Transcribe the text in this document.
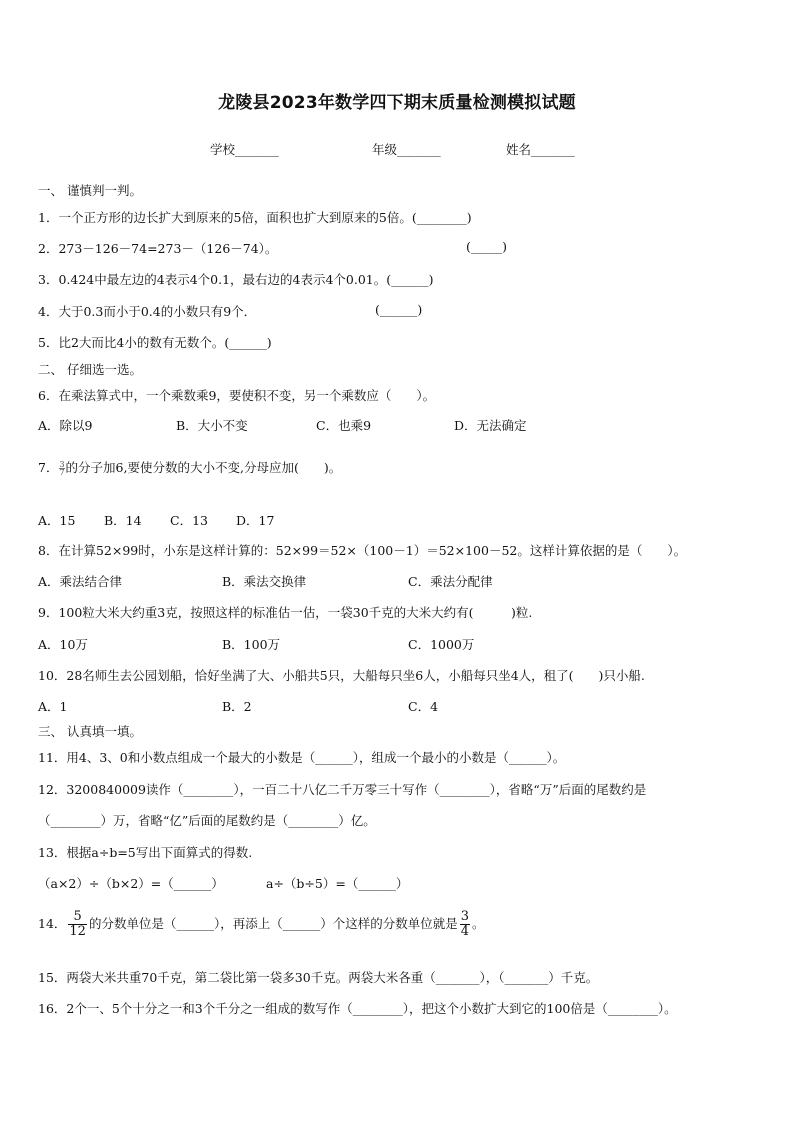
龙陵县2023年数学四下期末质量检测模拟试题
学校_______	年级_______	姓名_______
一、 谨慎判一判。
1．一个正方形的边长扩大到原来的5倍，面积也扩大到原来的5倍。(________)
2．273－126－74=273－（126－74）。	(_____)
3．0.424中最左边的4表示4个0.1，最右边的4表示4个0.01。(______)
4．大于0.3而小于0.4的小数只有9个．	(______)
5．比2大而比4小的数有无数个。(______)
二、 仔细选一选。
6．在乘法算式中，一个乘数乘9，要使积不变，另一个乘数应（　　）。
A．除以9	B．大小不变	C．也乘9	D．无法确定
7． $\frac{3}{7}$ 的分子加6,要使分数的大小不变,分母应加(　　)。
A．15 B．14 C．13 D．17
8．在计算52×99时，小东是这样计算的：52×99＝52×（100－1）＝52×100－52。这样计算依据的是（　　）。
A．乘法结合律	B．乘法交换律	C．乘法分配律
9．100粒大米大约重3克，按照这样的标准估一估，一袋30千克的大米大约有(　　　)粒.
A．10万	B．100万	C．1000万
10．28名师生去公园划船，恰好坐满了大、小船共5只，大船每只坐6人，小船每只坐4人，租了(　　)只小船.
A．1	B．2	C．4
三、 认真填一填。
11．用4、3、0和小数点组成一个最大的小数是（______），组成一个最小的小数是（______）。
12．3200840009读作（________），一百二十八亿二千万零三十写作（________），省略“万”后面的尾数约是
（________）万，省略“亿”后面的尾数约是（________）亿。
13．根据a÷b=5写出下面算式的得数.
（a×2）÷（b×2）=（______）	a÷（b÷5）=（______）
14． $\frac{5}{12}$ 的分数单位是（______），再添上（______）个这样的分数单位就是 $\frac{3}{4}$ 。
15．两袋大米共重70千克，第二袋比第一袋多30千克。两袋大米各重（_______），（_______）千克。
16．2个一、5个十分之一和3个千分之一组成的数写作（________），把这个小数扩大到它的100倍是（________）。
